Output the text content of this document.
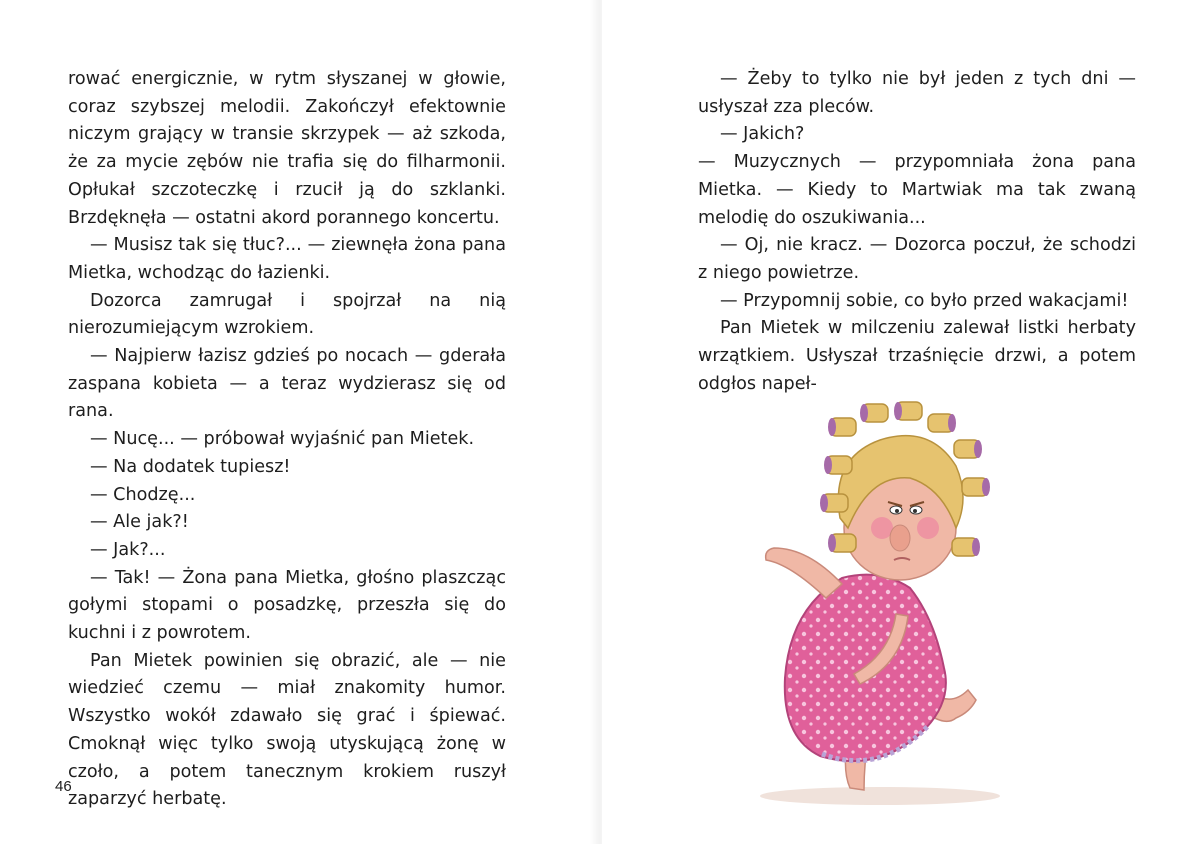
rować energicznie, w rytm słyszanej w głowie, coraz szybszej melodii. Zakończył efektownie niczym grający w transie skrzypek — aż szkoda, że za mycie zębów nie trafia się do filharmonii. Opłukał szczoteczkę i rzucił ją do szklanki. Brzdęknęła — ostatni akord porannego koncertu.

— Musisz tak się tłuc?... — ziewnęła żona pana Mietka, wchodząc do łazienki.

Dozorca zamrugał i spojrzał na nią nierozumiejącym wzrokiem.

— Najpierw łazisz gdzieś po nocach — gderała zaspana kobieta — a teraz wydzierasz się od rana.

— Nucę... — próbował wyjaśnić pan Mietek.

— Na dodatek tupiesz!

— Chodzę...

— Ale jak?!

— Jak?...

— Tak! — Żona pana Mietka, głośno plaszcząc gołymi stopami o posadzkę, przeszła się do kuchni i z powrotem.

Pan Mietek powinien się obrazić, ale — nie wiedzieć czemu — miał znakomity humor. Wszystko wokół zdawało się grać i śpiewać. Cmoknął więc tylko swoją utyskującą żonę w czoło, a potem tanecznym krokiem ruszył zaparzyć herbatę.

46

— Żeby to tylko nie był jeden z tych dni — usłyszał zza pleców.

— Jakich?

— Muzycznych — przypomniała żona pana Mietka. — Kiedy to Martwiak ma tak zwaną melodię do oszukiwania...

— Oj, nie kracz. — Dozorca poczuł, że schodzi z niego powietrze.

— Przypomnij sobie, co było przed wakacjami!

Pan Mietek w milczeniu zalewał listki herbaty wrzątkiem. Usłyszał trzaśnięcie drzwi, a potem odgłos napeł-
